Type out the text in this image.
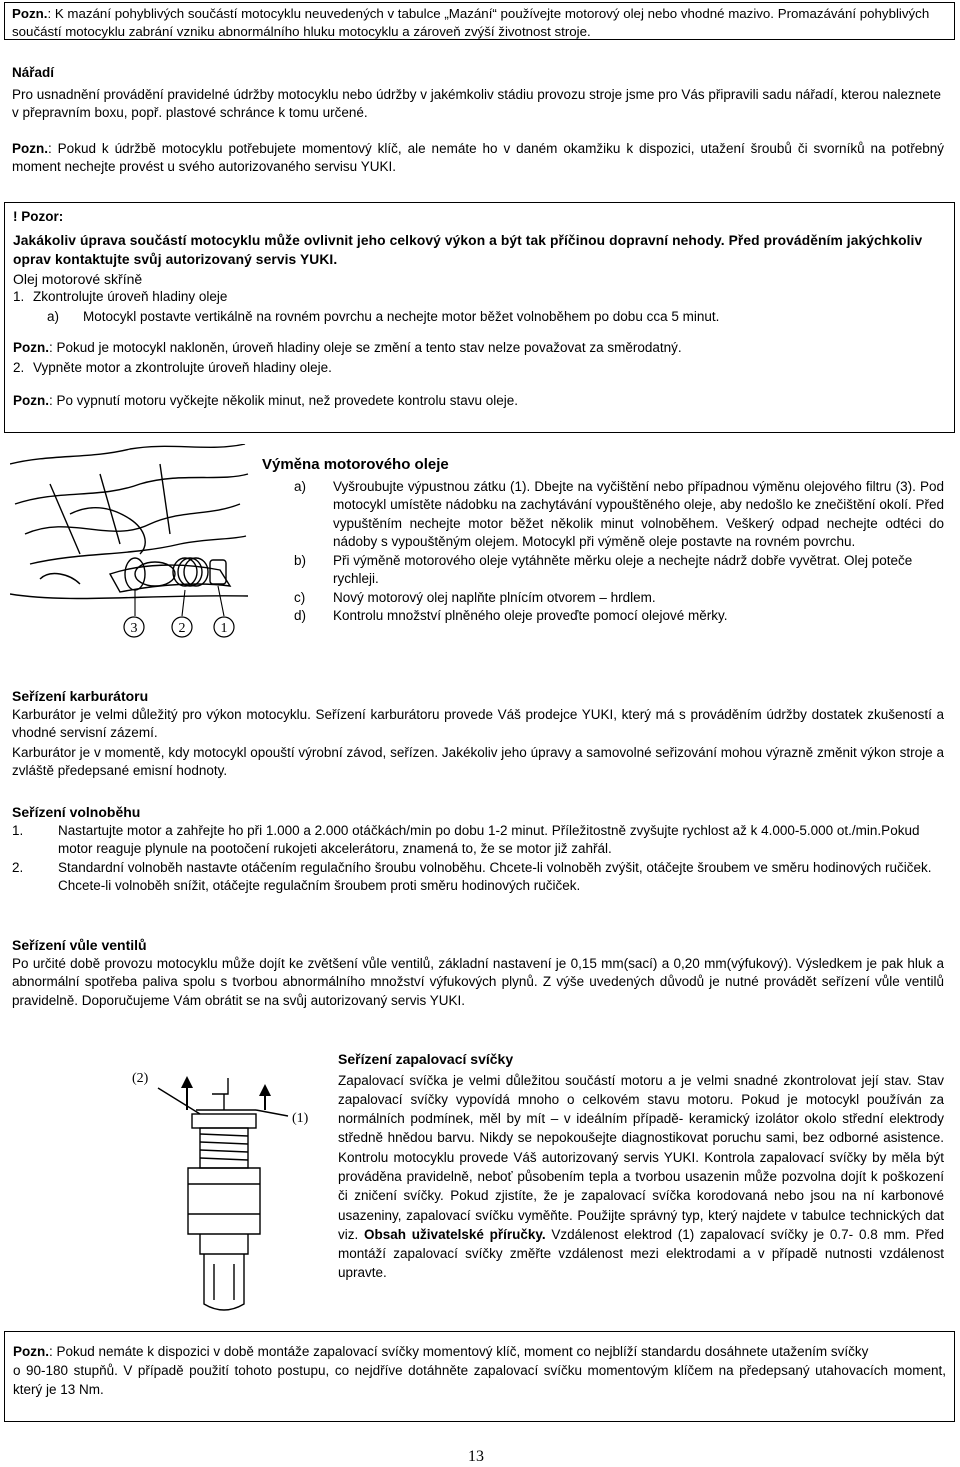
Pozn.: K mazání pohyblivých součástí motocyklu neuvedených v tabulce „Mazání“ používejte motorový olej nebo vhodné mazivo. Promazávání pohyblivých součástí motocyklu zabrání vzniku abnormálního hluku motocyklu a zároveň zvýší životnost stroje.

Nářadí

Pro usnadnění provádění pravidelné údržby motocyklu nebo údržby v jakémkoliv stádiu provozu stroje jsme pro Vás připravili sadu nářadí, kterou naleznete v přepravním boxu, popř. plastové schránce k tomu určené.

Pozn.: Pokud k údržbě motocyklu potřebujete momentový klíč, ale nemáte ho v daném okamžiku k dispozici, utažení šroubů či svorníků na potřebný moment nechejte provést u svého autorizovaného servisu YUKI.

! Pozor:

Jakákoliv úprava součástí motocyklu může ovlivnit jeho celkový výkon a být tak příčinou dopravní nehody. Před prováděním jakýchkoliv oprav kontaktujte svůj autorizovaný servis YUKI.

Olej motorové skříně
1. Zkontrolujte úroveň hladiny oleje
a) Motocykl postavte vertikálně na rovném povrchu a nechejte motor běžet volnoběhem po dobu cca 5 minut.

Pozn.: Pokud je motocykl nakloněn, úroveň hladiny oleje se změní a tento stav nelze považovat za směrodatný.

2. Vypněte motor a zkontrolujte úroveň hladiny oleje.

Pozn.: Po vypnutí motoru vyčkejte několik minut, než provedete kontrolu stavu oleje.

3	2	1
Výměna motorového oleje
a) Vyšroubujte výpustnou zátku (1). Dbejte na vyčištění nebo případnou výměnu olejového filtru (3). Pod motocykl umístěte nádobku na zachytávání vypouštěného oleje, aby nedošlo ke znečištění okolí. Před vypuštěním nechejte motor běžet několik minut volnoběhem. Veškerý odpad nechejte odtéci do nádoby s vypouštěným olejem. Motocykl při výměně oleje postavte na rovném povrchu.
b) Při výměně motorového oleje vytáhněte měrku oleje a nechejte nádrž dobře vyvětrat. Olej poteče rychleji.
c) Nový motorový olej naplňte plnícím otvorem – hrdlem.
d) Kontrolu množství plněného oleje proveďte pomocí olejové měrky.
Seřízení karburátoru

Karburátor je velmi důležitý pro výkon motocyklu. Seřízení karburátoru provede Váš prodejce YUKI, který má s prováděním údržby dostatek zkušeností a vhodné servisní zázemí.

Karburátor je v momentě, kdy motocykl opouští výrobní závod, seřízen. Jakékoliv jeho úpravy a samovolné seřizování mohou výrazně změnit výkon stroje a zvláště předepsané emisní hodnoty.

Seřízení volnoběhu
1.	Nastartujte motor a zahřejte ho při 1.000 a 2.000 otáčkách/min po dobu 1-2 minut. Příležitostně zvyšujte rychlost až k 4.000-5.000 ot./min.Pokud motor reaguje plynule na pootočení rukojeti akcelerátoru, znamená to, že se motor již zahřál.
2.	Standardní volnoběh nastavte otáčením regulačního šroubu volnoběhu. Chcete-li volnoběh zvýšit, otáčejte šroubem ve směru hodinových ručiček.
Chcete-li volnoběh snížit, otáčejte regulačním šroubem proti směru hodinových ručiček.
Seřízení vůle ventilů

Po určité době provozu motocyklu může dojít ke zvětšení vůle ventilů, základní nastavení je 0,15 mm(sací) a 0,20 mm(výfukový). Výsledkem je pak hluk a abnormální spotřeba paliva spolu s tvorbou abnormálního množství výfukových plynů. Z výše uvedených důvodů je nutné provádět seřízení vůle ventilů pravidelně. Doporučujeme Vám obrátit se na svůj autorizovaný servis YUKI.

(2)
(1)
Seřízení zapalovací svíčky

Zapalovací svíčka je velmi důležitou součástí motoru a je velmi snadné zkontrolovat její stav. Stav zapalovací svíčky vypovídá mnoho o celkovém stavu motoru. Pokud je motocykl používán za normálních podmínek, měl by mít – v ideálním případě- keramický izolátor okolo střední elektrody středně hnědou barvu. Nikdy se nepokoušejte diagnostikovat poruchu sami, bez odborné asistence. Kontrolu motocyklu provede Váš autorizovaný servis YUKI. Kontrola zapalovací svíčky by měla být prováděna pravidelně, neboť působením tepla a tvorbou usazenin může pozvolna dojít k poškození či zničení svíčky. Pokud zjistíte, že je zapalovací svíčka korodovaná nebo jsou na ní karbonové usazeniny, zapalovací svíčku vyměňte. Použijte správný typ, který najdete v tabulce technických dat viz. Obsah uživatelské příručky. Vzdálenost elektrod (1) zapalovací svíčky je 0.7- 0.8 mm. Před montáží zapalovací svíčky změřte vzdálenost mezi elektrodami a v případě nutnosti vzdálenost upravte.

Pozn.: Pokud nemáte k dispozici v době montáže zapalovací svíčky momentový klíč, moment co nejblíží standardu dosáhnete utažením svíčky

o 90-180 stupňů. V případě použití tohoto postupu, co nejdříve dotáhněte zapalovací svíčku momentovým klíčem na předepsaný utahovacích moment, který je 13 Nm.

13
